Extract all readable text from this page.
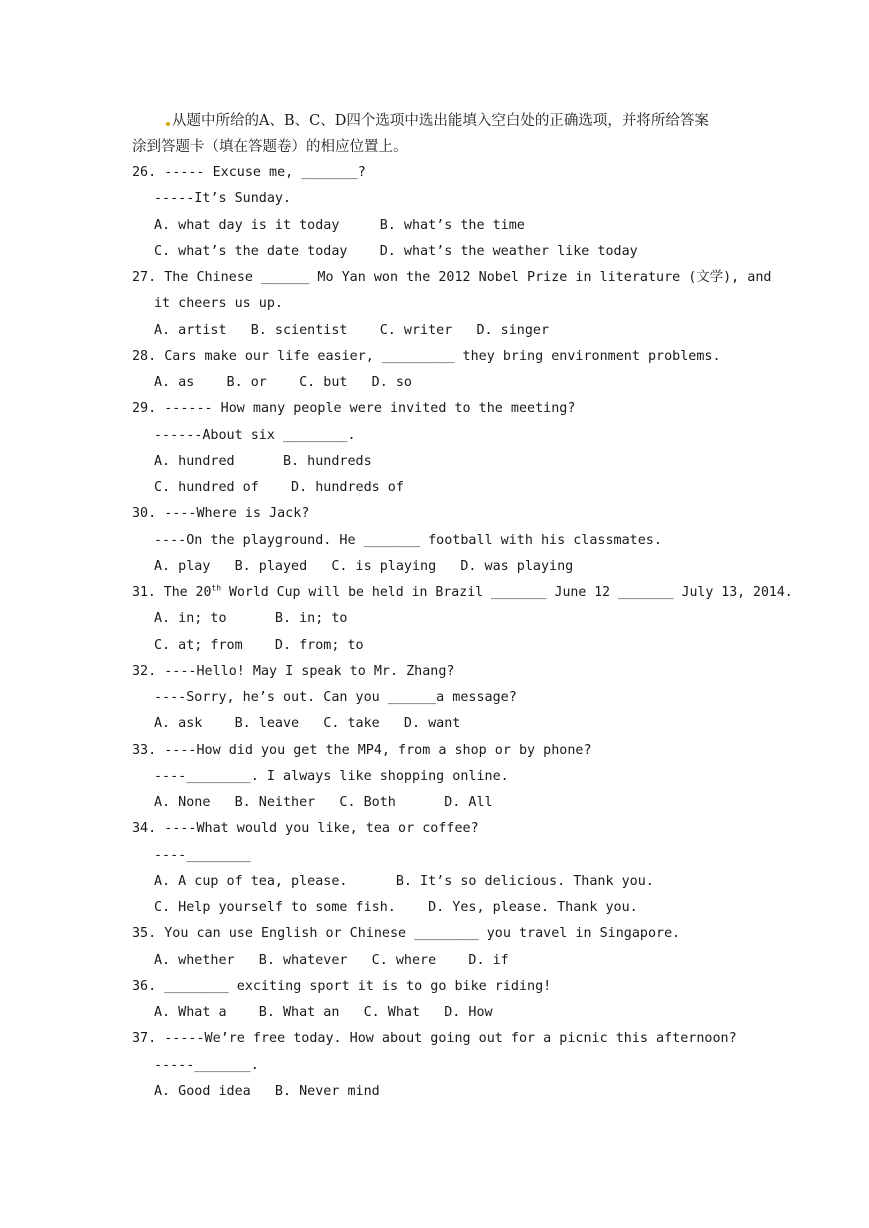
从题中所给的A、B、C、D四个选项中选出能填入空白处的正确选项，并将所给答案
涂到答题卡（填在答题卷）的相应位置上。
26. ----- Excuse me, _______?
-----It’s Sunday.
A. what day is it today     B. what’s the time
C. what’s the date today    D. what’s the weather like today
27. The Chinese ______ Mo Yan won the 2012 Nobel Prize in literature (文学), and
it cheers us up.
A. artist   B. scientist    C. writer   D. singer
28. Cars make our life easier, _________ they bring environment problems.
A. as    B. or    C. but   D. so
29. ------ How many people were invited to the meeting?
------About six ________.
A. hundred      B. hundreds
C. hundred of    D. hundreds of
30. ----Where is Jack?
----On the playground. He _______ football with his classmates.
A. play   B. played   C. is playing   D. was playing
31. The 20th World Cup will be held in Brazil _______ June 12 _______ July 13, 2014.
A. in; to      B. in; to
C. at; from    D. from; to
32. ----Hello! May I speak to Mr. Zhang?
----Sorry, he’s out. Can you ______a message?
A. ask    B. leave   C. take   D. want
33. ----How did you get the MP4, from a shop or by phone?
----________. I always like shopping online.
A. None   B. Neither   C. Both      D. All
34. ----What would you like, tea or coffee?
----________
A. A cup of tea, please.      B. It’s so delicious. Thank you.
C. Help yourself to some fish.    D. Yes, please. Thank you.
35. You can use English or Chinese ________ you travel in Singapore.
A. whether   B. whatever   C. where    D. if
36. ________ exciting sport it is to go bike riding!
A. What a    B. What an   C. What   D. How
37. -----We’re free today. How about going out for a picnic this afternoon?
-----_______.
A. Good idea   B. Never mind
